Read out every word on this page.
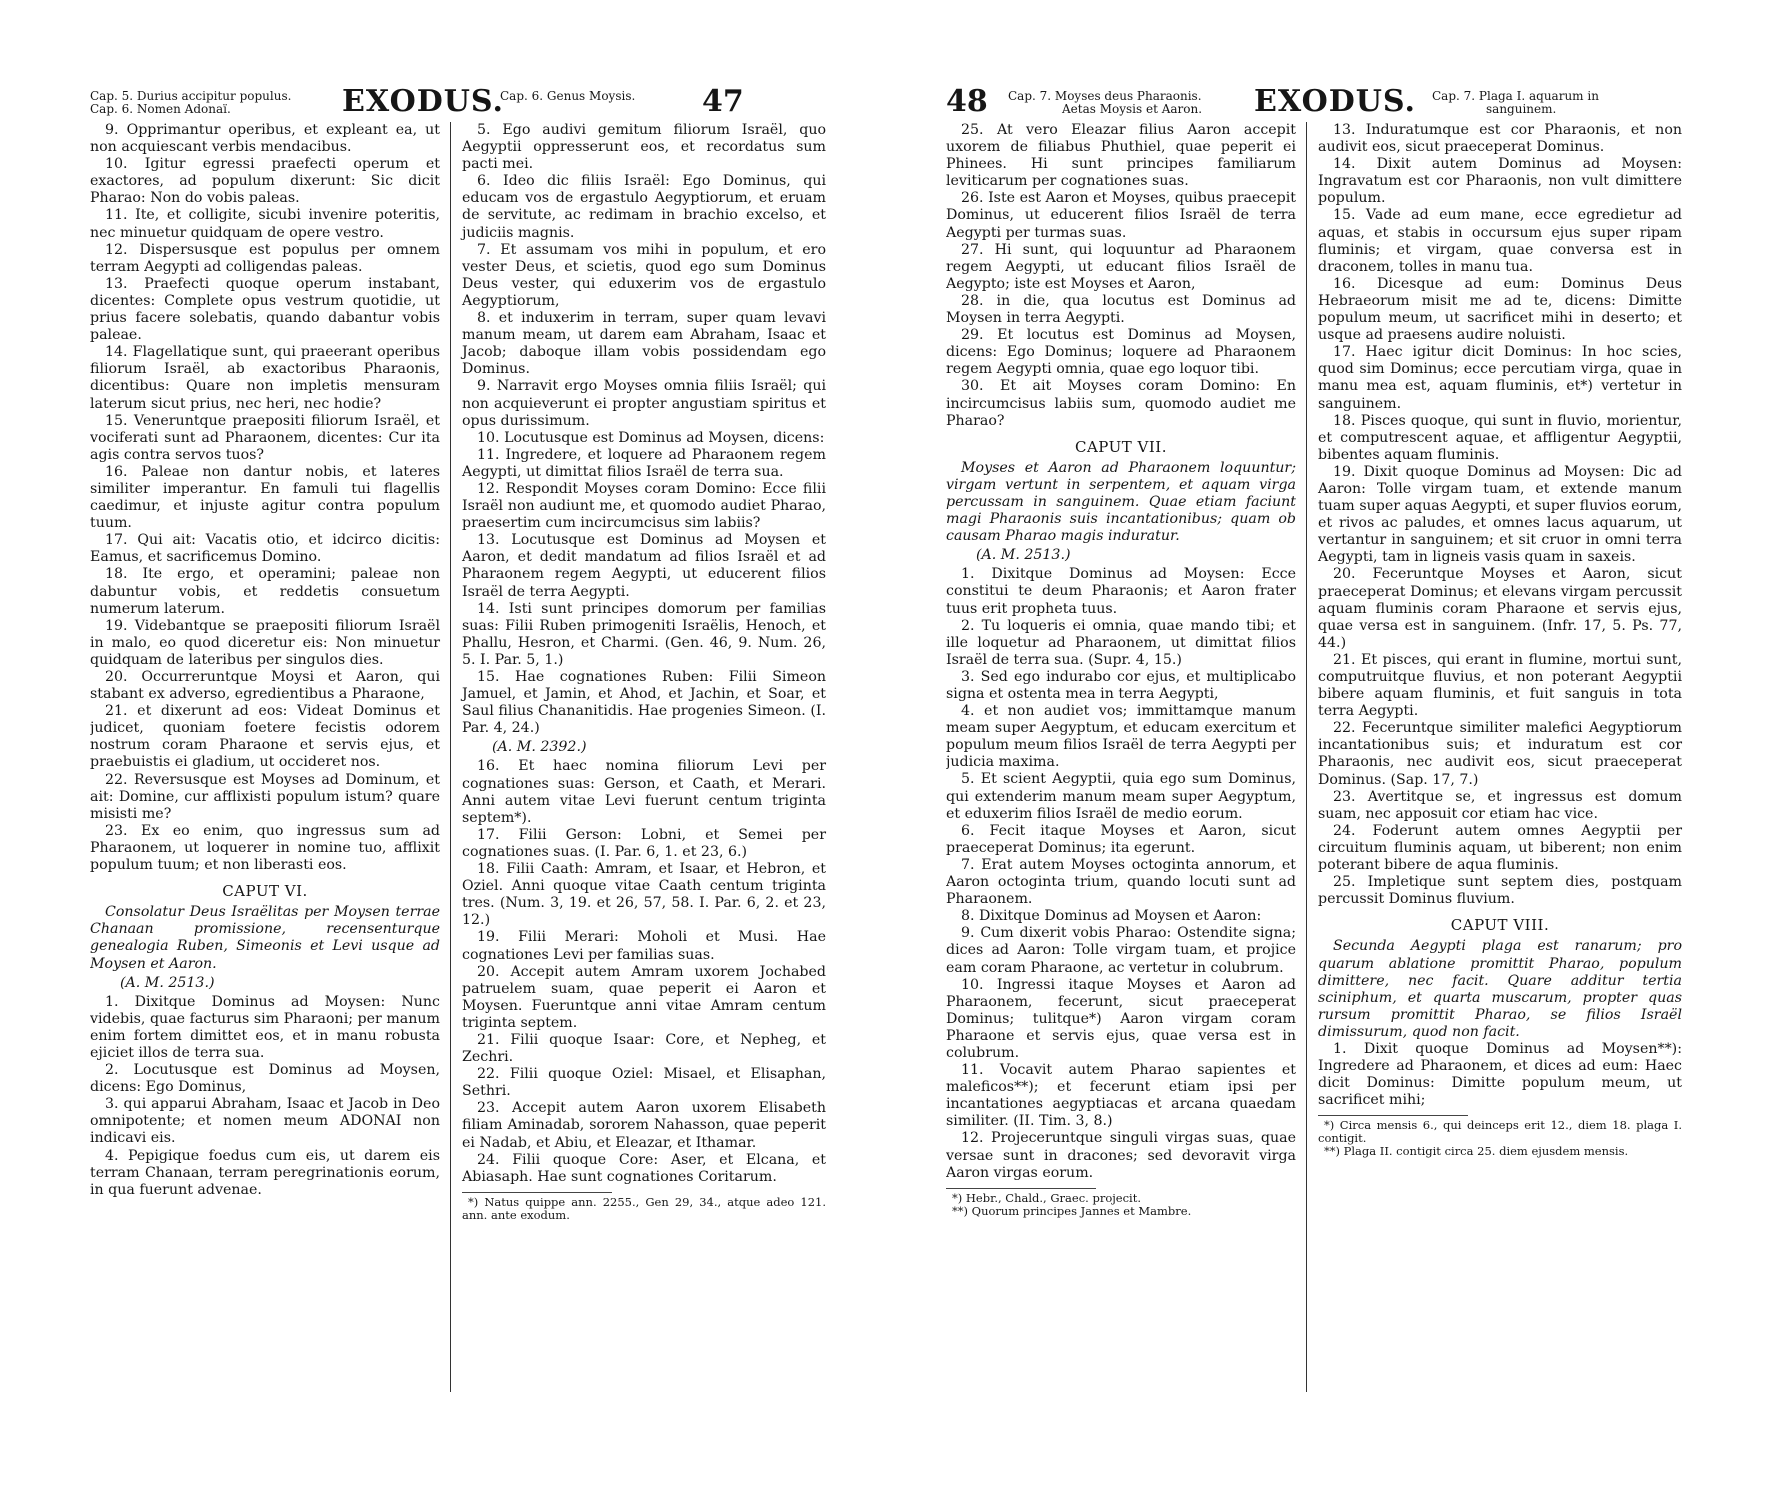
Cap. 5. Durius accipitur populus.
Cap. 6. Nomen Adonaï.	EXODUS.
Cap. 6. Genus Moysis. 47

9. Opprimantur operibus, et expleant ea, ut non acquiescant verbis mendacibus.

10. Igitur egressi praefecti operum et exactores, ad populum dixerunt: Sic dicit Pharao: Non do vobis paleas.

11. Ite, et colligite, sicubi invenire poteritis, nec minuetur quidquam de opere vestro.

12. Dispersusque est populus per omnem terram Aegypti ad colligendas paleas.

13. Praefecti quoque operum instabant, dicentes: Complete opus vestrum quotidie, ut prius facere solebatis, quando dabantur vobis paleae.

14. Flagellatique sunt, qui praeerant operibus filiorum Israël, ab exactoribus Pharaonis, dicentibus: Quare non impletis mensuram laterum sicut prius, nec heri, nec hodie?

15. Veneruntque praepositi filiorum Israël, et vociferati sunt ad Pharaonem, dicentes: Cur ita agis contra servos tuos?

16. Paleae non dantur nobis, et lateres similiter imperantur. En famuli tui flagellis caedimur, et injuste agitur contra populum tuum.

17. Qui ait: Vacatis otio, et idcirco dicitis: Eamus, et sacrificemus Domino.

18. Ite ergo, et operamini; paleae non dabuntur vobis, et reddetis consuetum numerum laterum.

19. Videbantque se praepositi filiorum Israël in malo, eo quod diceretur eis: Non minuetur quidquam de lateribus per singulos dies.

20. Occurreruntque Moysi et Aaron, qui stabant ex adverso, egredientibus a Pharaone,

21. et dixerunt ad eos: Videat Dominus et judicet, quoniam foetere fecistis odorem nostrum coram Pharaone et servis ejus, et praebuistis ei gladium, ut occideret nos.

22. Reversusque est Moyses ad Dominum, et ait: Domine, cur afflixisti populum istum? quare misisti me?

23. Ex eo enim, quo ingressus sum ad Pharaonem, ut loquerer in nomine tuo, afflixit populum tuum; et non liberasti eos.

CAPUT VI.

Consolatur Deus Israëlitas per Moysen terrae Chanaan promissione, recensenturque genealogia Ruben, Simeonis et Levi usque ad Moysen et Aaron.

(A. M. 2513.)

1. Dixitque Dominus ad Moysen: Nunc videbis, quae facturus sim Pharaoni; per manum enim fortem dimittet eos, et in manu robusta ejiciet illos de terra sua.

2. Locutusque est Dominus ad Moysen, dicens: Ego Dominus,

3. qui apparui Abraham, Isaac et Jacob in Deo omnipotente; et nomen meum ADONAI non indicavi eis.

4. Pepigique foedus cum eis, ut darem eis terram Chanaan, terram peregrinationis eorum, in qua fuerunt advenae.

5. Ego audivi gemitum filiorum Israël, quo Aegyptii oppresserunt eos, et recordatus sum pacti mei.

6. Ideo dic filiis Israël: Ego Dominus, qui educam vos de ergastulo Aegyptiorum, et eruam de servitute, ac redimam in brachio excelso, et judiciis magnis.

7. Et assumam vos mihi in populum, et ero vester Deus, et scietis, quod ego sum Dominus Deus vester, qui eduxerim vos de ergastulo Aegyptiorum,

8. et induxerim in terram, super quam levavi manum meam, ut darem eam Abraham, Isaac et Jacob; daboque illam vobis possidendam ego Dominus.

9. Narravit ergo Moyses omnia filiis Israël; qui non acquieverunt ei propter angustiam spiritus et opus durissimum.

10. Locutusque est Dominus ad Moysen, dicens:

11. Ingredere, et loquere ad Pharaonem regem Aegypti, ut dimittat filios Israël de terra sua.

12. Respondit Moyses coram Domino: Ecce filii Israël non audiunt me, et quomodo audiet Pharao, praesertim cum incircumcisus sim labiis?

13. Locutusque est Dominus ad Moysen et Aaron, et dedit mandatum ad filios Israël et ad Pharaonem regem Aegypti, ut educerent filios Israël de terra Aegypti.

14. Isti sunt principes domorum per familias suas: Filii Ruben primogeniti Israëlis, Henoch, et Phallu, Hesron, et Charmi. (Gen. 46, 9. Num. 26, 5. I. Par. 5, 1.)

15. Hae cognationes Ruben: Filii Simeon Jamuel, et Jamin, et Ahod, et Jachin, et Soar, et Saul filius Chananitidis. Hae progenies Simeon. (I. Par. 4, 24.)

(A. M. 2392.)

16. Et haec nomina filiorum Levi per cognationes suas: Gerson, et Caath, et Merari. Anni autem vitae Levi fuerunt centum triginta septem*).

17. Filii Gerson: Lobni, et Semei per cognationes suas. (I. Par. 6, 1. et 23, 6.)

18. Filii Caath: Amram, et Isaar, et Hebron, et Oziel. Anni quoque vitae Caath centum triginta tres. (Num. 3, 19. et 26, 57, 58. I. Par. 6, 2. et 23, 12.)

19. Filii Merari: Moholi et Musi. Hae cognationes Levi per familias suas.

20. Accepit autem Amram uxorem Jochabed patruelem suam, quae peperit ei Aaron et Moysen. Fueruntque anni vitae Amram centum triginta septem.

21. Filii quoque Isaar: Core, et Nepheg, et Zechri.

22. Filii quoque Oziel: Misael, et Elisaphan, Sethri.

23. Accepit autem Aaron uxorem Elisabeth filiam Aminadab, sororem Nahasson, quae peperit ei Nadab, et Abiu, et Eleazar, et Ithamar.

24. Filii quoque Core: Aser, et Elcana, et Abiasaph. Hae sunt cognationes Coritarum.

*) Natus quippe ann. 2255., Gen 29, 34., atque adeo 121. ann. ante exodum.
48 Cap. 7. Moyses deus Pharaonis.
Aetas Moysis et Aaron. EXODUS. Cap. 7. Plaga I. aquarum in
sanguinem.

25. At vero Eleazar filius Aaron accepit uxorem de filiabus Phuthiel, quae peperit ei Phinees. Hi sunt principes familiarum leviticarum per cognationes suas.

26. Iste est Aaron et Moyses, quibus praecepit Dominus, ut educerent filios Israël de terra Aegypti per turmas suas.

27. Hi sunt, qui loquuntur ad Pharaonem regem Aegypti, ut educant filios Israël de Aegypto; iste est Moyses et Aaron,

28. in die, qua locutus est Dominus ad Moysen in terra Aegypti.

29. Et locutus est Dominus ad Moysen, dicens: Ego Dominus; loquere ad Pharaonem regem Aegypti omnia, quae ego loquor tibi.

30. Et ait Moyses coram Domino: En incircumcisus labiis sum, quomodo audiet me Pharao?

CAPUT VII.

Moyses et Aaron ad Pharaonem loquuntur; virgam vertunt in serpentem, et aquam virga percussam in sanguinem. Quae etiam faciunt magi Pharaonis suis incantationibus; quam ob causam Pharao magis induratur.

(A. M. 2513.)

1. Dixitque Dominus ad Moysen: Ecce constitui te deum Pharaonis; et Aaron frater tuus erit propheta tuus.

2. Tu loqueris ei omnia, quae mando tibi; et ille loquetur ad Pharaonem, ut dimittat filios Israël de terra sua. (Supr. 4, 15.)

3. Sed ego indurabo cor ejus, et multiplicabo signa et ostenta mea in terra Aegypti,

4. et non audiet vos; immittamque manum meam super Aegyptum, et educam exercitum et populum meum filios Israël de terra Aegypti per judicia maxima.

5. Et scient Aegyptii, quia ego sum Dominus, qui extenderim manum meam super Aegyptum, et eduxerim filios Israël de medio eorum.

6. Fecit itaque Moyses et Aaron, sicut praeceperat Dominus; ita egerunt.

7. Erat autem Moyses octoginta annorum, et Aaron octoginta trium, quando locuti sunt ad Pharaonem.

8. Dixitque Dominus ad Moysen et Aaron:

9. Cum dixerit vobis Pharao: Ostendite signa; dices ad Aaron: Tolle virgam tuam, et projice eam coram Pharaone, ac vertetur in colubrum.

10. Ingressi itaque Moyses et Aaron ad Pharaonem, fecerunt, sicut praeceperat Dominus; tulitque*) Aaron virgam coram Pharaone et servis ejus, quae versa est in colubrum.

11. Vocavit autem Pharao sapientes et maleficos**); et fecerunt etiam ipsi per incantationes aegyptiacas et arcana quaedam similiter. (II. Tim. 3, 8.)

12. Projeceruntque singuli virgas suas, quae versae sunt in dracones; sed devoravit virga Aaron virgas eorum.

*) Hebr., Chald., Graec. projecit.
**) Quorum principes Jannes et Mambre.

13. Induratumque est cor Pharaonis, et non audivit eos, sicut praeceperat Dominus.

14. Dixit autem Dominus ad Moysen: Ingravatum est cor Pharaonis, non vult dimittere populum.

15. Vade ad eum mane, ecce egredietur ad aquas, et stabis in occursum ejus super ripam fluminis; et virgam, quae conversa est in draconem, tolles in manu tua.

16. Dicesque ad eum: Dominus Deus Hebraeorum misit me ad te, dicens: Dimitte populum meum, ut sacrificet mihi in deserto; et usque ad praesens audire noluisti.

17. Haec igitur dicit Dominus: In hoc scies, quod sim Dominus; ecce percutiam virga, quae in manu mea est, aquam fluminis, et*) vertetur in sanguinem.

18. Pisces quoque, qui sunt in fluvio, morientur, et computrescent aquae, et affligentur Aegyptii, bibentes aquam fluminis.

19. Dixit quoque Dominus ad Moysen: Dic ad Aaron: Tolle virgam tuam, et extende manum tuam super aquas Aegypti, et super fluvios eorum, et rivos ac paludes, et omnes lacus aquarum, ut vertantur in sanguinem; et sit cruor in omni terra Aegypti, tam in ligneis vasis quam in saxeis.

20. Feceruntque Moyses et Aaron, sicut praeceperat Dominus; et elevans virgam percussit aquam fluminis coram Pharaone et servis ejus, quae versa est in sanguinem. (Infr. 17, 5. Ps. 77, 44.)

21. Et pisces, qui erant in flumine, mortui sunt, computruitque fluvius, et non poterant Aegyptii bibere aquam fluminis, et fuit sanguis in tota terra Aegypti.

22. Feceruntque similiter malefici Aegyptiorum incantationibus suis; et induratum est cor Pharaonis, nec audivit eos, sicut praeceperat Dominus. (Sap. 17, 7.)

23. Avertitque se, et ingressus est domum suam, nec apposuit cor etiam hac vice.

24. Foderunt autem omnes Aegyptii per circuitum fluminis aquam, ut biberent; non enim poterant bibere de aqua fluminis.

25. Impletique sunt septem dies, postquam percussit Dominus fluvium.

CAPUT VIII.

Secunda Aegypti plaga est ranarum; pro quarum ablatione promittit Pharao, populum dimittere, nec facit. Quare additur tertia sciniphum, et quarta muscarum, propter quas rursum promittit Pharao, se filios Israël dimissurum, quod non facit.

1. Dixit quoque Dominus ad Moysen**): Ingredere ad Pharaonem, et dices ad eum: Haec dicit Dominus: Dimitte populum meum, ut sacrificet mihi;

*) Circa mensis 6., qui deinceps erit 12., diem 18. plaga I. contigit.
**) Plaga II. contigit circa 25. diem ejusdem mensis.
